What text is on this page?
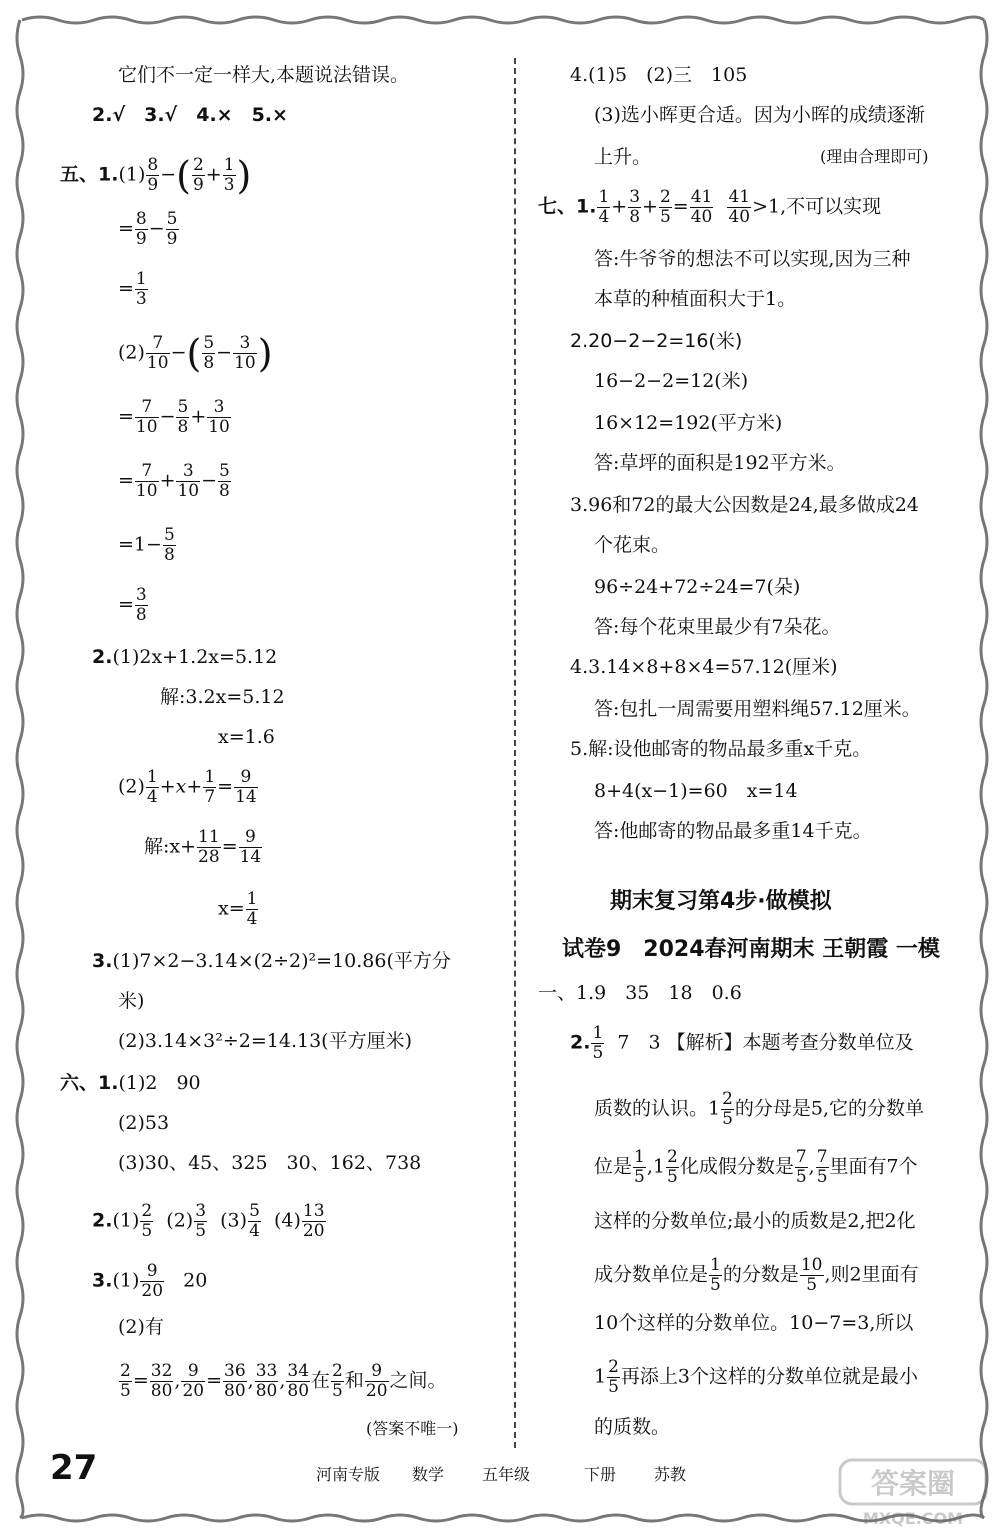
它们不一定一样大,本题说法错误。
2.√　3.√　4.×　5.×
五、$1.(1) \frac{8}{9}$ −( $\frac{2}{9} + \frac{1}{3}$ )
= $\frac{8}{9} - \frac{5}{9}$
= $\frac{1}{3}$
$(2) \frac{7}{10}$ −( $\frac{5}{8} - \frac{3}{10}$ )
= $\frac{7}{10} - \frac{5}{8} + \frac{3}{10}$
= $\frac{7}{10} + \frac{3}{10} - \frac{5}{8}$
$=1- \frac{5}{8}$
= $\frac{3}{8}$
2.(1)2x+1.2x=5.12
解:3.2x=5.12
x=1.6
$(2) \frac{1}{4} +x+ \frac{1}{7} = \frac{9}{14}$
解:x+ $\frac{11}{28} = \frac{9}{14}$
$x= \frac{1}{4}$
3.(1)7×2−3.14×(2÷2)²=10.86(平方分
米)
(2)3.14×3²÷2=14.13(平方厘米)
六、1.(1)2　90
(2)53
(3)30、45、325　30、162、738
$2.(1) \frac{2}{5} (2) \frac{3}{5} (3) \frac{5}{4} (4) \frac{13}{20}$
$3.(1) \frac{9}{20} 20$
(2)有
$\frac{2}{5} = \frac{32}{80}$ , $\frac{9}{20} = \frac{36}{80}$ , $\frac{33}{80}$ , $\frac{34}{80}$ 在 $\frac{2}{5}$ 和 $\frac{9}{20}$ 之间。
(答案不唯一)
4.(1)5　(2)三　105
(3)选小晖更合适。因为小晖的成绩逐渐
上升。	(理由合理即可)
七、1. $\frac{1}{4} + \frac{3}{8} + \frac{2}{5} = \frac{41}{40}$
$\frac{41}{40} >1$,不可以实现
答:牛爷爷的想法不可以实现,因为三种
本草的种植面积大于1。
2.20−2−2=16(米)
16−2−2=12(米)
16×12=192(平方米)
答:草坪的面积是192平方米。
3.96和72的最大公因数是24,最多做成24
个花束。
96÷24+72÷24=7(朵)
答:每个花束里最少有7朵花。
4.3.14×8+8×4=57.12(厘米)
答:包扎一周需要用塑料绳57.12厘米。
5.解:设他邮寄的物品最多重x千克。
8+4(x−1)=60　x=14
答:他邮寄的物品最多重14千克。
期末复习第4步·做模拟
试卷9　2024春河南期末 王朝霞 一模
一、1.9　35　18　0.6
2. $\frac{1}{5} 7$　3 【解析】本题考查分数单位及
质数的认识。$1 \frac{2}{5}$ 的分母是5,它的分数单
位是 $\frac{1}{5} ,1 \frac{2}{5}$ 化成假分数是 $\frac{7}{5}$ , $\frac{7}{5}$ 里面有7个
这样的分数单位;最小的质数是2,把2化
成分数单位是 $\frac{1}{5}$ 的分数是 $\frac{10}{5}$ ,则2里面有
10个这样的分数单位。10−7=3,所以
$1 \frac{2}{5}$ 再添上3个这样的分数单位就是最小
的质数。
27	河南专版 数学 五年级	下册 苏教	答案圈
MXQE.COM
